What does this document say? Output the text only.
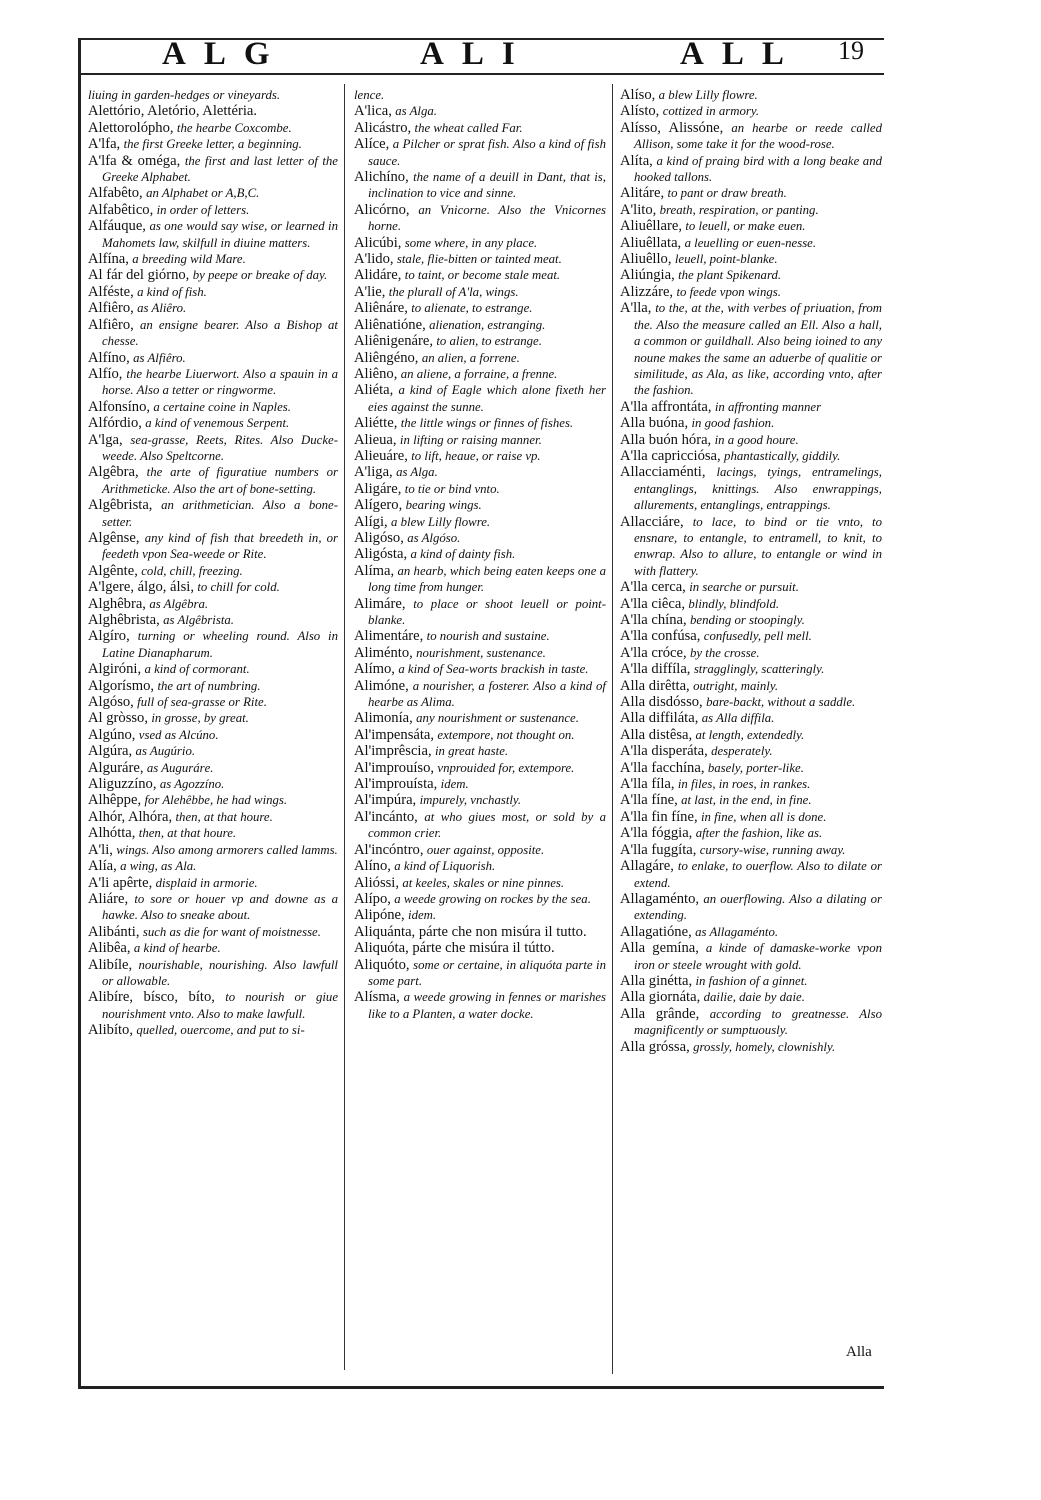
ALG	ALI	ALL 19

liuing in garden-hedges or vineyards.

Alettório, Aletório, Alettéria.

Alettorolópho, the hearbe Coxcombe.

A'lfa, the first Greeke letter, a beginning.

A'lfa & oméga, the first and last letter of the Greeke Alphabet.

Alfabêto, an Alphabet or A,B,C.

Alfabêtico, in order of letters.

Alfáuque, as one would say wise, or learned in Mahomets law, skilfull in diuine matters.

Alfína, a breeding wild Mare.

Al fár del giórno, by peepe or breake of day.

Alféste, a kind of fish.

Alfiêro, as Aliêro.

Alfiêro, an ensigne bearer. Also a Bishop at chesse.

Alfíno, as Alfiêro.

Alfío, the hearbe Liuerwort. Also a spauin in a horse. Also a tetter or ringworme.

Alfonsíno, a certaine coine in Naples.

Alfórdio, a kind of venemous Serpent.

A'lga, sea-grasse, Reets, Rites. Also Ducke-weede. Also Speltcorne.

Algêbra, the arte of figuratiue numbers or Arithmeticke. Also the art of bone-setting.

Algêbrista, an arithmetician. Also a bone-setter.

Algênse, any kind of fish that breedeth in, or feedeth vpon Sea-weede or Rite.

Algênte, cold, chill, freezing.

A'lgere, álgo, álsi, to chill for cold.

Alghêbra, as Algêbra.

Alghêbrista, as Algêbrista.

Algíro, turning or wheeling round. Also in Latine Dianapharum.

Algiróni, a kind of cormorant.

Algorísmo, the art of numbring.

Algóso, full of sea-grasse or Rite.

Al gròsso, in grosse, by great.

Algúno, vsed as Alcúno.

Algúra, as Augúrio.

Algurárе, as Augurárе.

Aliguzzíno, as Agozzíno.

Alhêppe, for Alehêbbe, he had wings.

Alhór, Alhóra, then, at that houre.

Alhótta, then, at that houre.

A'li, wings. Also among armorers called lamms.

Alía, a wing, as Ala.

A'li apêrte, displaid in armorie.

Aliáre, to sore or houer vp and downe as a hawke. Also to sneake about.

Alibánti, such as die for want of moistnesse.

Alibêa, a kind of hearbe.

Alibíle, nourishable, nourishing. Also lawfull or allowable.

Alibíre, bísco, bíto, to nourish or giue nourishment vnto. Also to make lawfull.

Alibíto, quelled, ouercome, and put to si-

lence.

A'lica, as Alga.

Alicástro, the wheat called Far.

Alíce, a Pilcher or sprat fish. Also a kind of fish sauce.

Alichíno, the name of a deuill in Dant, that is, inclination to vice and sinne.

Alicórno, an Vnicorne. Also the Vnicornes horne.

Alicúbi, some where, in any place.

A'lido, stale, flie-bitten or tainted meat.

Alidáre, to taint, or become stale meat.

A'lie, the plurall of A'la, wings.

Aliênáre, to alienate, to estrange.

Aliênatióne, alienation, estranging.

Aliênigenáre, to alien, to estrange.

Aliêngéno, an alien, a forrene.

Aliêno, an aliene, a forraine, a frenne.

Aliéta, a kind of Eagle which alone fixeth her eies against the sunne.

Aliétte, the little wings or finnes of fishes.

Alieua, in lifting or raising manner.

Alieuáre, to lift, heaue, or raise vp.

A'liga, as Alga.

Aligáre, to tie or bind vnto.

Alígero, bearing wings.

Alígi, a blew Lilly flowre.

Aligóso, as Algóso.

Aligósta, a kind of dainty fish.

Alíma, an hearb, which being eaten keeps one a long time from hunger.

Alimáre, to place or shoot leuell or point-blanke.

Alimentáre, to nourish and sustaine.

Aliménto, nourishment, sustenance.

Alímo, a kind of Sea-worts brackish in taste.

Alimóne, a nourisher, a fosterer. Also a kind of hearbe as Alima.

Alimonía, any nourishment or sustenance.

Al'impensáta, extempore, not thought on.

Al'imprêscia, in great haste.

Al'improuíso, vnprouided for, extempore.

Al'improuísta, idem.

Al'impúra, impurely, vnchastly.

Al'incánto, at who giues most, or sold by a common crier.

Al'incóntro, ouer against, opposite.

Alíno, a kind of Liquorish.

Alióssi, at keeles, skales or nine pinnes.

Alípo, a weede growing on rockes by the sea.

Alipóne, idem.

Aliquánta, párte che non misúra il tutto.

Aliquóta, párte che misúra il tútto.

Aliquóto, some or certaine, in aliquóta parte in some part.

Alísma, a weede growing in fennes or marishes like to a Planten, a water docke.

Alíso, a blew Lilly flowre.

Alísto, cottized in armory.

Alísso, Alissóne, an hearbe or reede called Allison, some take it for the wood-rose.

Alíta, a kind of praing bird with a long beake and hooked tallons.

Alitáre, to pant or draw breath.

A'lito, breath, respiration, or panting.

Aliuêllare, to leuell, or make euen.

Aliuêllata, a leuelling or euen-nesse.

Aliuêllo, leuell, point-blanke.

Aliúngia, the plant Spikenard.

Alizzáre, to feede vpon wings.

A'lla, to the, at the, with verbes of priuation, from the. Also the measure called an Ell. Also a hall, a common or guildhall. Also being ioined to any noune makes the same an aduerbe of qualitie or similitude, as Ala, as like, according vnto, after the fashion.

A'lla affrontáta, in affronting manner

Alla buóna, in good fashion.

Alla buón hóra, in a good houre.

A'lla capricciósa, phantastically, giddily.

Allacciaménti, lacings, tyings, entramelings, entanglings, knittings. Also enwrappings, allurements, entanglings, entrappings.

Allacciáre, to lace, to bind or tie vnto, to ensnare, to entangle, to entramell, to knit, to enwrap. Also to allure, to entangle or wind in with flattery.

A'lla cerca, in searche or pursuit.

A'lla ciêca, blindly, blindfold.

A'lla chína, bending or stoopingly.

A'lla confúsa, confusedly, pell mell.

A'lla cróce, by the crosse.

A'lla diffíla, stragglingly, scatteringly.

Alla dirêtta, outright, mainly.

Alla disdóssо, bare-backt, without a saddle.

Alla diffiláta, as Alla diffila.

Alla distêsa, at length, extendedly.

A'lla disperáta, desperately.

A'lla facchína, basely, porter-like.

A'lla fíla, in files, in roes, in rankes.

A'lla fíne, at last, in the end, in fine.

A'lla fin fíne, in fine, when all is done.

A'lla fóggia, after the fashion, like as.

A'lla fuggíta, cursory-wise, running away.

Allagáre, to enlake, to ouerflow. Also to dilate or extend.

Allagaménto, an ouerflowing. Also a dilating or extending.

Allagatióne, as Allagaménto.

Alla gemína, a kinde of damaske-worke vpon iron or steele wrought with gold.

Alla ginétta, in fashion of a ginnet.

Alla giornáta, dailie, daie by daie.

Alla grânde, according to greatnesse. Also magnificently or sumptuously.

Alla gróssa, grossly, homely, clownishly.

Alla
